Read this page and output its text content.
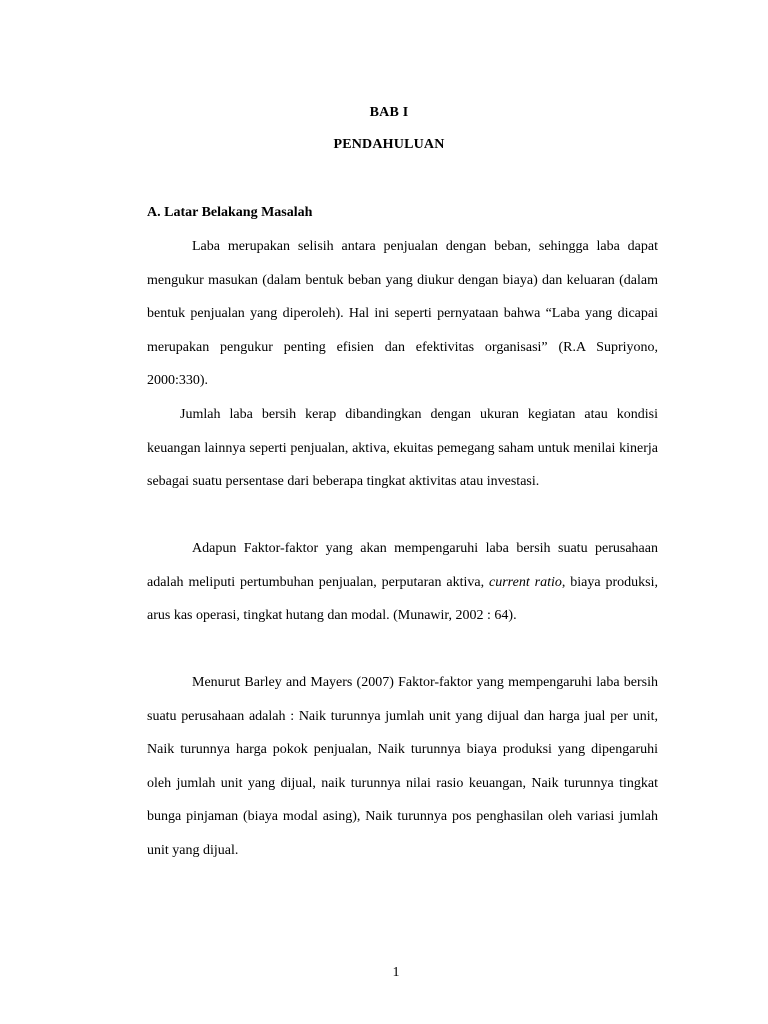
BAB I

PENDAHULUAN

A. Latar Belakang Masalah

Laba merupakan selisih antara penjualan dengan beban, sehingga laba dapat mengukur masukan (dalam bentuk beban yang diukur dengan biaya) dan keluaran (dalam bentuk penjualan yang diperoleh). Hal ini seperti pernyataan bahwa “Laba yang dicapai merupakan pengukur penting efisien dan efektivitas organisasi” (R.A Supriyono, 2000:330).

Jumlah laba bersih kerap dibandingkan dengan ukuran kegiatan atau kondisi keuangan lainnya seperti penjualan, aktiva, ekuitas pemegang saham untuk menilai kinerja sebagai suatu persentase dari beberapa tingkat aktivitas atau investasi.

Adapun Faktor-faktor yang akan mempengaruhi laba bersih suatu perusahaan adalah meliputi pertumbuhan penjualan, perputaran aktiva, current ratio, biaya produksi, arus kas operasi, tingkat hutang dan modal. (Munawir, 2002 : 64).

Menurut Barley and Mayers (2007) Faktor-faktor yang mempengaruhi laba bersih suatu perusahaan adalah : Naik turunnya jumlah unit yang dijual dan harga jual per unit, Naik turunnya harga pokok penjualan, Naik turunnya biaya produksi yang dipengaruhi oleh jumlah unit yang dijual, naik turunnya nilai rasio keuangan, Naik turunnya tingkat bunga pinjaman (biaya modal asing), Naik turunnya pos penghasilan oleh variasi jumlah unit yang dijual.

1
